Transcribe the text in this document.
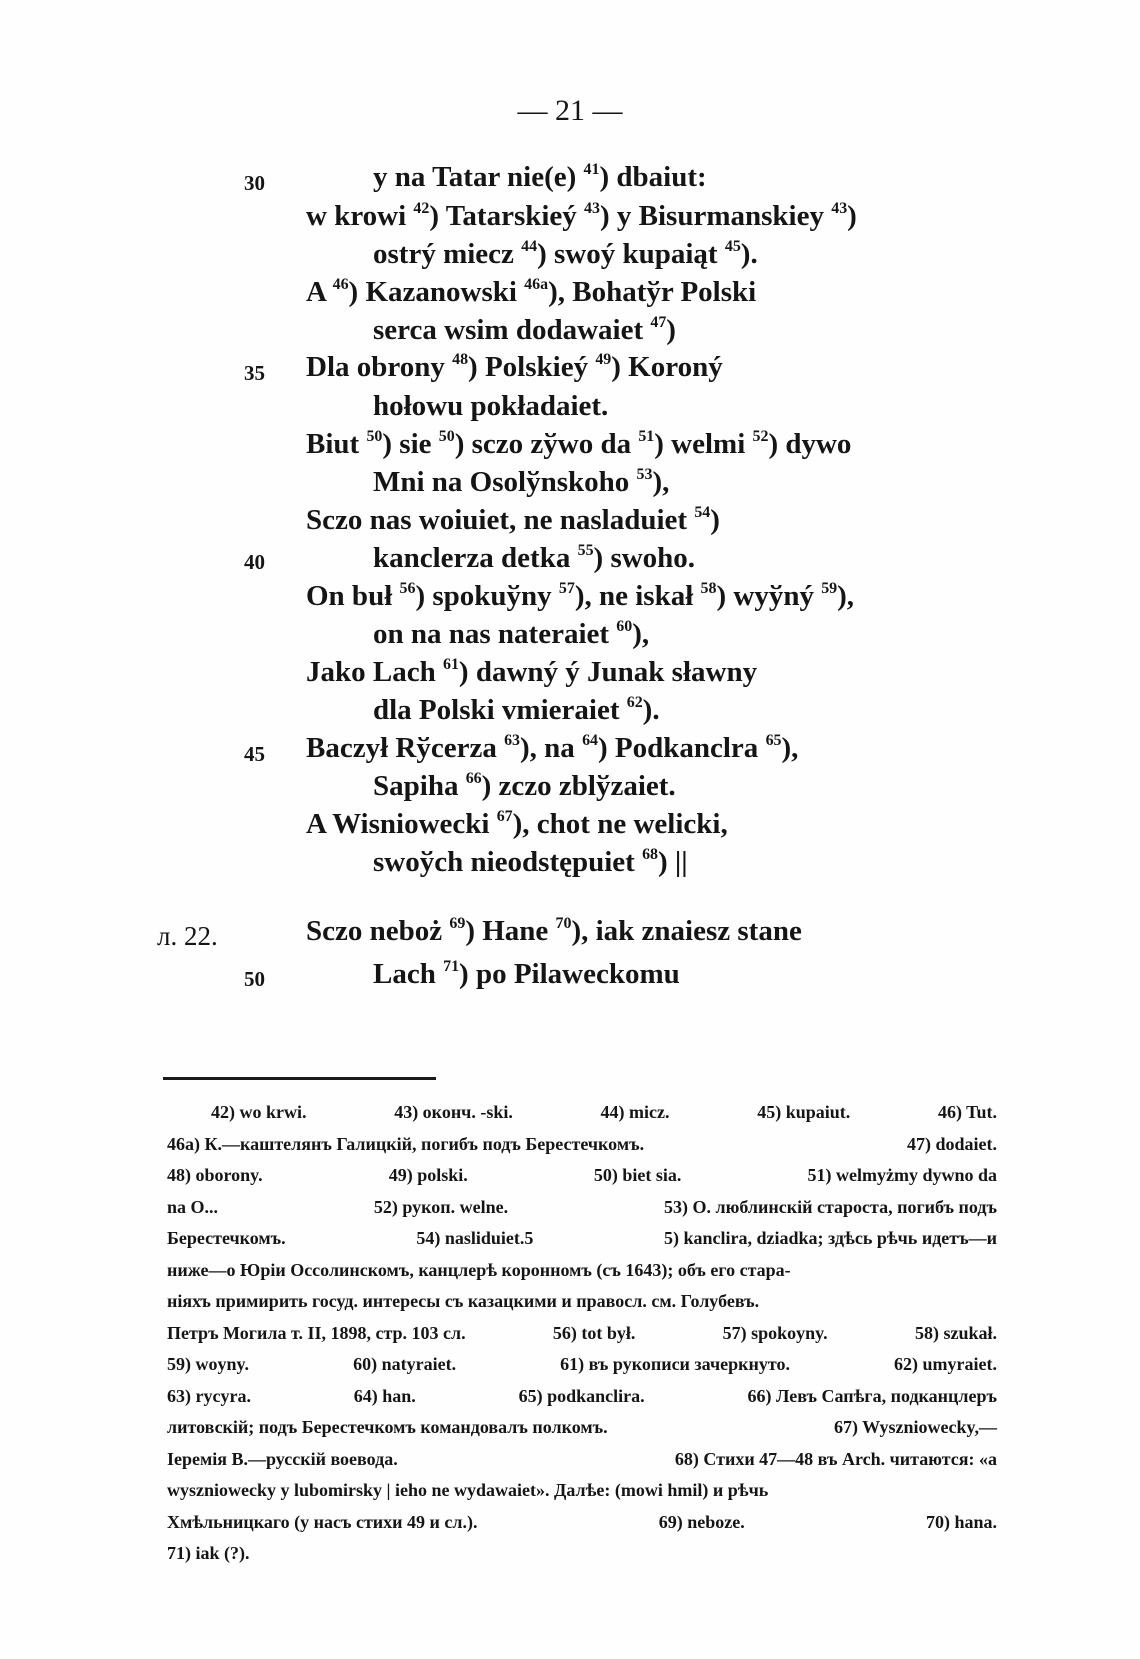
— 21 —
30
35
40
45
50
л. 22.
y na Tatar nie(e) $^{41}$) dbaiut:
w krowi $^{42}$) Tatarskieý $^{43}$) y Bisurmanskiey $^{43}$)
ostrý miecz $^{44}$) swoý kupaiąt $^{45}$).
A $^{46}$) Kazanowski $^{46a}$), Bohatўr Polski
serca wsim dodawaiet $^{47}$)
Dla obrony $^{48}$) Polskieý $^{49}$) Koroný
hołowu pokładaiet.
Biut $^{50}$) sie $^{50}$) sczo zўwo da $^{51}$) welmi $^{52}$) dywo
Mni na Osolўnskoho $^{53}$),
Sczo nas woiuiet, ne nasladuiet $^{54}$)
kanclerza detka $^{55}$) swoho.
On buł $^{56}$) spokuўny $^{57}$), ne iskał $^{58}$) wyўný $^{59}$),
on na nas nateraiet $^{60}$),
Jako Lach $^{61}$) dawný ý Junak sławny
dla Polski vmieraiet $^{62}$).
Baczył Rўcerza $^{63}$), na $^{64}$) Podkanclra $^{65}$),
Sapiha $^{66}$) zczo zblўzaiet.
A Wisniowecki $^{67}$), chot ne welicki,
swoўch nieodstępuiet $^{68}$) ||
Sczo neboż $^{69}$) Hane $^{70}$), iak znaiesz stane
Lach $^{71}$) po Pilaweckomu
42) wo krwi.	43) оконч. -ski.	44) micz.	45) kupaiut.	46) Tut.
46a) К.—каштелянъ Галицкій, погибъ подъ Берестечкомъ.	47) dodaiet.
48) oborony.	49) polski.	50) biet sia.	51) welmyżmy dywno da
na O...	52) рукоп. welne.	53) О. люблинскій староста, погибъ подъ
Берестечкомъ.	54) nasliduiet.5	5) kanclira, dziadka; здѣсь рѣчь идетъ—и
ниже—о Юріи Оссолинскомъ, канцлерѣ коронномъ (съ 1643); объ его стара-
ніяхъ примирить госуд. интересы съ казацкими и правосл. см. Голубевъ.
Петръ Могила т. II, 1898, стр. 103 сл.	56) tot był.	57) spokoyny.	58) szukał.
59) woyny.	60) natyraiet.	61) въ рукописи зачеркнуто.	62) umyraiet.
63) rycyra.	64) han.	65) podkanclira.	66) Левъ Сапѣга, подканцлеръ
литовскій; подъ Берестечкомъ командовалъ полкомъ.	67) Wyszniowecky,—
Іеремія В.—русскій воевода.	68) Стихи 47—48 въ Arch. читаются: «a
wyszniowecky y lubomirsky | ieho ne wydawaiet». Далѣе: (mowi hmil) и рѣчь
Хмѣльницкаго (у насъ стихи 49 и сл.).	69) neboze.	70) hana.
71) iak (?).
